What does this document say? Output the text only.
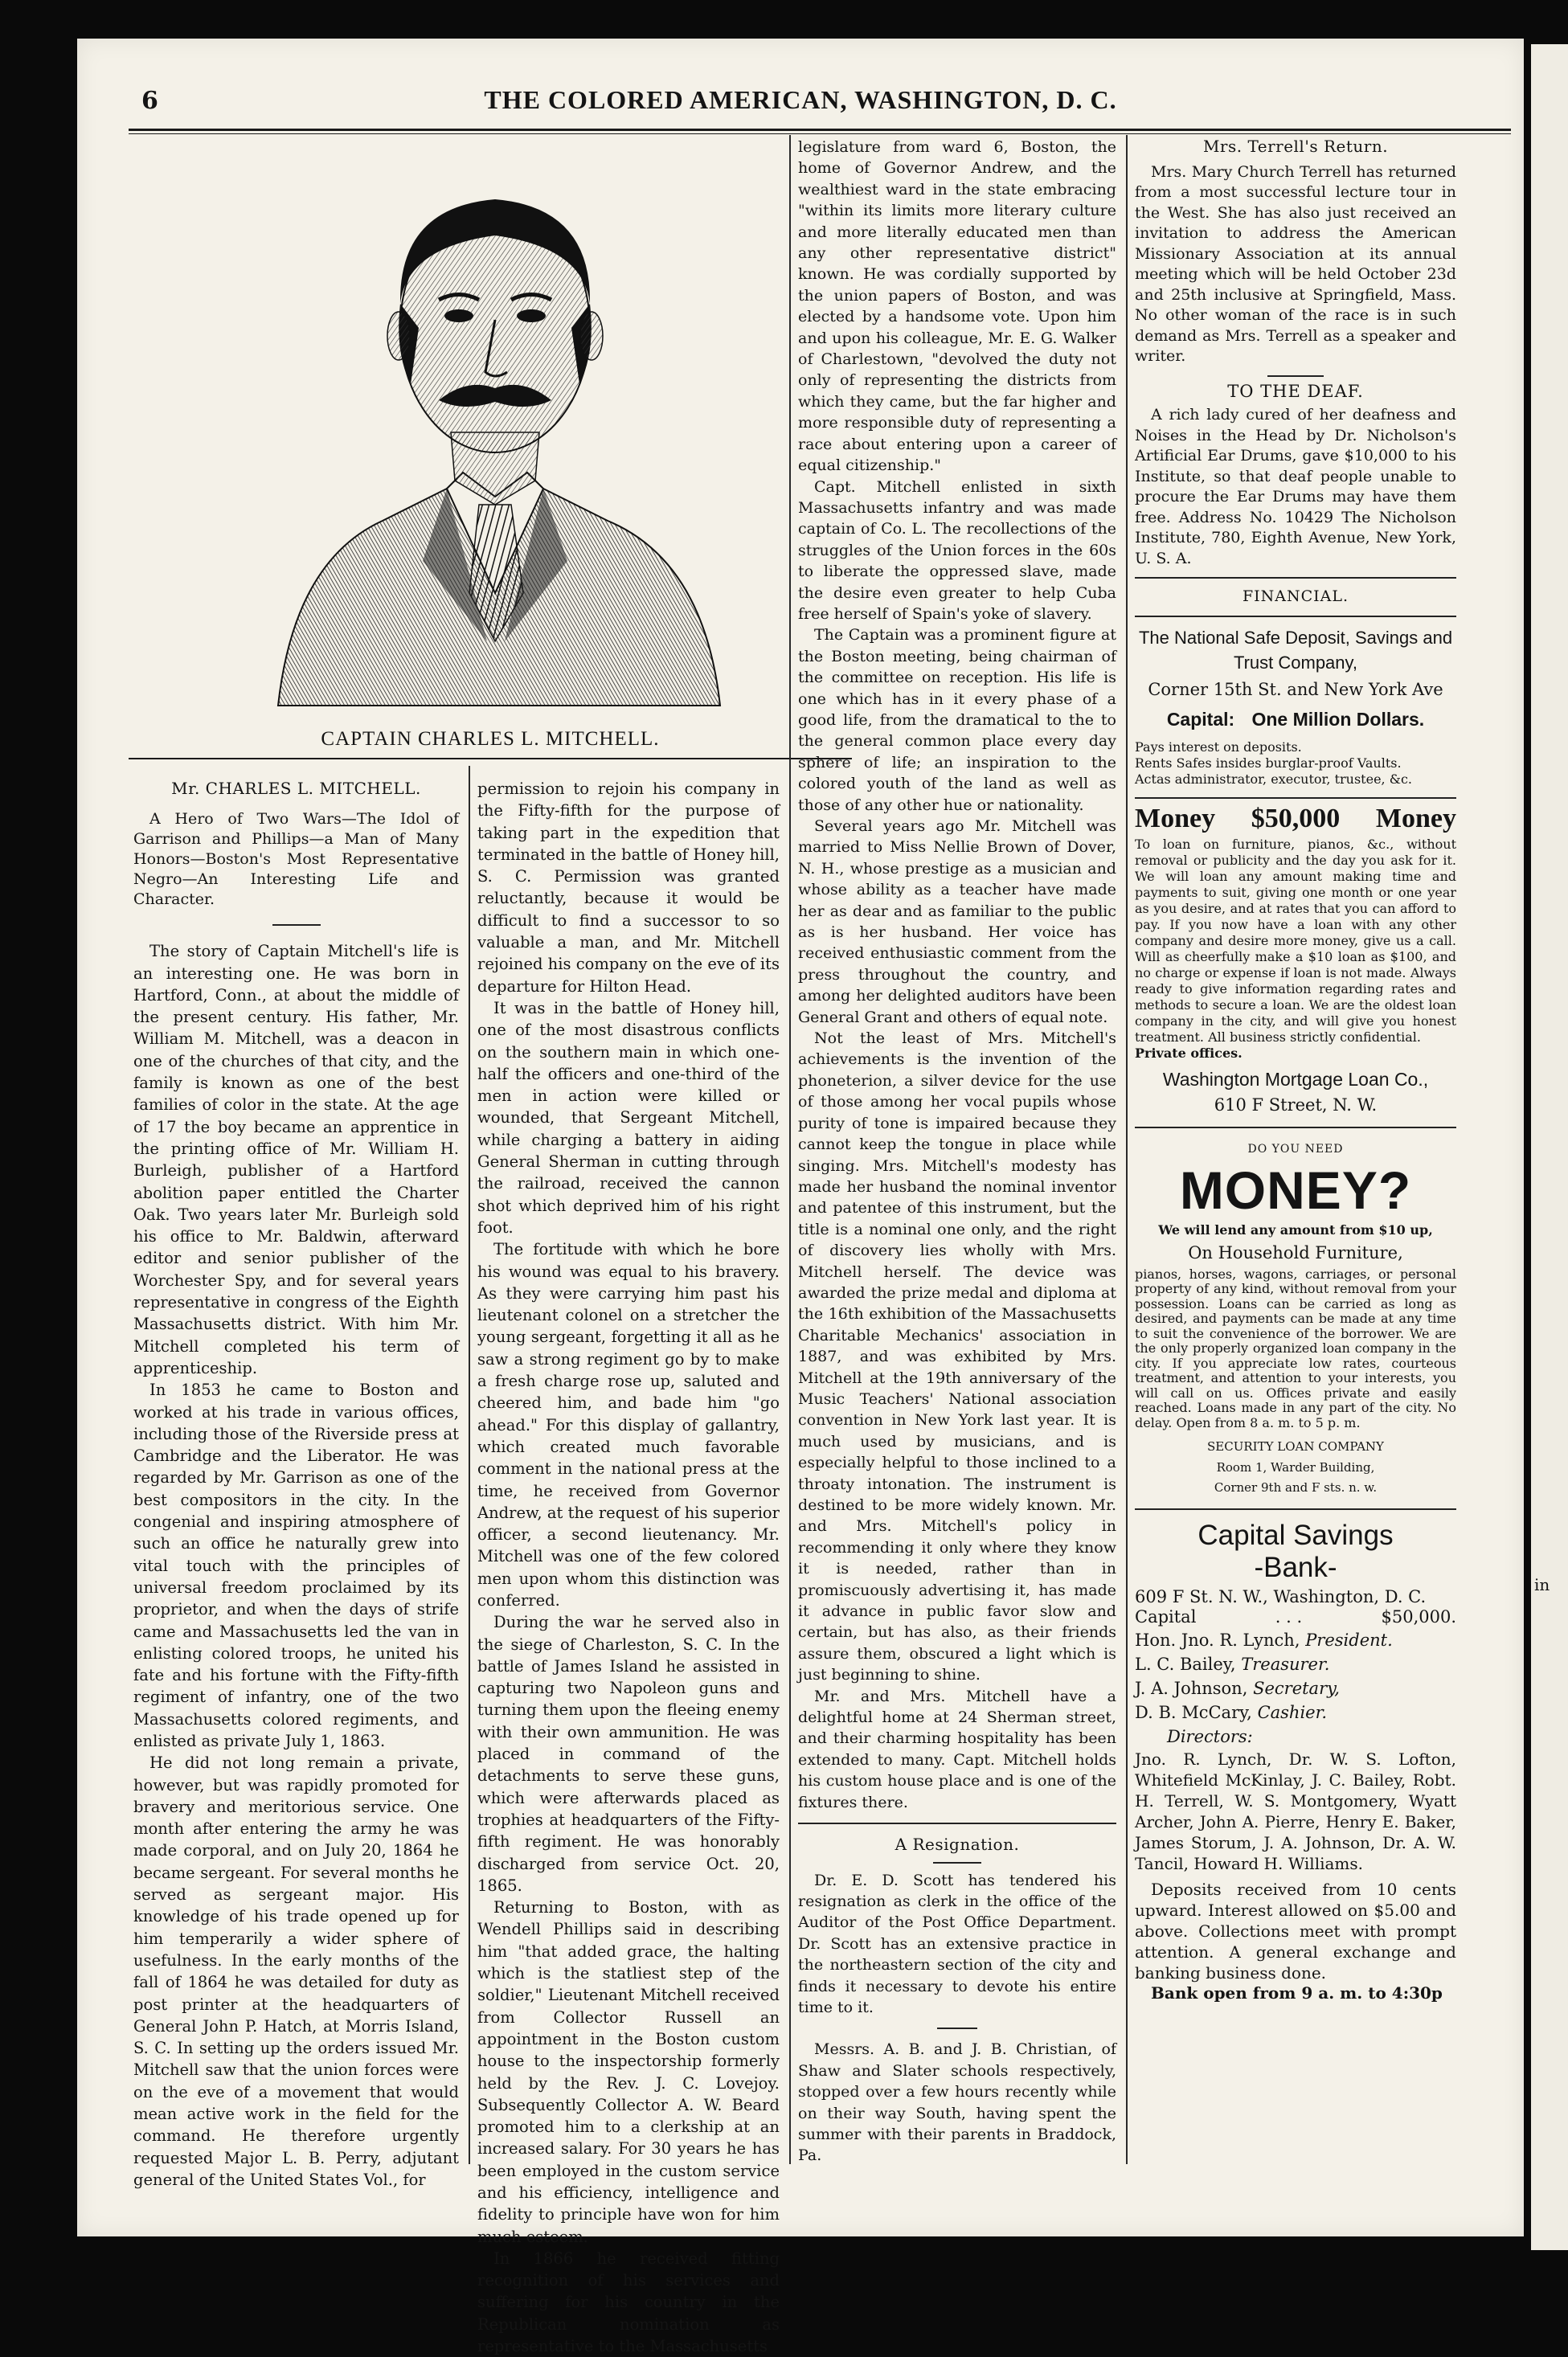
in
6	THE COLORED AMERICAN, WASHINGTON, D. C.
CAPTAIN CHARLES L. MITCHELL.
Mr. CHARLES L. MITCHELL.

A Hero of Two Wars—The Idol of Garrison and Phillips—a Man of Many Honors—Boston's Most Representative Negro—An Interesting Life and Character.

The story of Captain Mitchell's life is an interesting one. He was born in Hartford, Conn., at about the middle of the present century. His father, Mr. William M. Mitchell, was a deacon in one of the churches of that city, and the family is known as one of the best families of color in the state. At the age of 17 the boy became an apprentice in the printing office of Mr. William H. Burleigh, publisher of a Hartford abolition paper entitled the Charter Oak. Two years later Mr. Burleigh sold his office to Mr. Baldwin, afterward editor and senior publisher of the Worchester Spy, and for several years representative in congress of the Eighth Massachusetts district. With him Mr. Mitchell completed his term of apprenticeship.

In 1853 he came to Boston and worked at his trade in various offices, including those of the Riverside press at Cambridge and the Liberator. He was regarded by Mr. Garrison as one of the best compositors in the city. In the congenial and inspiring atmosphere of such an office he naturally grew into vital touch with the principles of universal freedom proclaimed by its proprietor, and when the days of strife came and Massachusetts led the van in enlisting colored troops, he united his fate and his fortune with the Fifty-fifth regiment of infantry, one of the two Massachusetts colored regiments, and enlisted as private July 1, 1863.

He did not long remain a private, however, but was rapidly promoted for bravery and meritorious service. One month after entering the army he was made corporal, and on July 20, 1864 he became sergeant. For several months he served as sergeant major. His knowledge of his trade opened up for him temperarily a wider sphere of usefulness. In the early months of the fall of 1864 he was detailed for duty as post printer at the headquarters of General John P. Hatch, at Morris Island, S. C. In setting up the orders issued Mr. Mitchell saw that the union forces were on the eve of a movement that would mean active work in the field for the command. He therefore urgently requested Major L. B. Perry, adjutant general of the United States Vol., for

permission to rejoin his company in the Fifty-fifth for the purpose of taking part in the expedition that terminated in the battle of Honey hill, S. C. Permission was granted reluctantly, because it would be difficult to find a successor to so valuable a man, and Mr. Mitchell rejoined his company on the eve of its departure for Hilton Head.

It was in the battle of Honey hill, one of the most disastrous conflicts on the southern main in which one-half the officers and one-third of the men in action were killed or wounded, that Sergeant Mitchell, while charging a battery in aiding General Sherman in cutting through the railroad, received the cannon shot which deprived him of his right foot.

The fortitude with which he bore his wound was equal to his bravery. As they were carrying him past his lieutenant colonel on a stretcher the young sergeant, forgetting it all as he saw a strong regiment go by to make a fresh charge rose up, saluted and cheered him, and bade him "go ahead." For this display of gallantry, which created much favorable comment in the national press at the time, he received from Governor Andrew, at the request of his superior officer, a second lieutenancy. Mr. Mitchell was one of the few colored men upon whom this distinction was conferred.

During the war he served also in the siege of Charleston, S. C. In the battle of James Island he assisted in capturing two Napoleon guns and turning them upon the fleeing enemy with their own ammunition. He was placed in command of the detachments to serve these guns, which were afterwards placed as trophies at headquarters of the Fifty-fifth regiment. He was honorably discharged from service Oct. 20, 1865.

Returning to Boston, with as Wendell Phillips said in describing him "that added grace, the halting which is the statliest step of the soldier," Lieutenant Mitchell received from Collector Russell an appointment in the Boston custom house to the inspectorship formerly held by the Rev. J. C. Lovejoy. Subsequently Collector A. W. Beard promoted him to a clerkship at an increased salary. For 30 years he has been employed in the custom service and his efficiency, intelligence and fidelity to principle have won for him much esteem.

In 1866 he received fitting recognition of his services and suffering for his country in the Republican nomination as representative to the Massachusetts

legislature from ward 6, Boston, the home of Governor Andrew, and the wealthiest ward in the state embracing "within its limits more literary culture and more literally educated men than any other representative district" known. He was cordially supported by the union papers of Boston, and was elected by a handsome vote. Upon him and upon his colleague, Mr. E. G. Walker of Charlestown, "devolved the duty not only of representing the districts from which they came, but the far higher and more responsible duty of representing a race about entering upon a career of equal citizenship."

Capt. Mitchell enlisted in sixth Massachusetts infantry and was made captain of Co. L. The recollections of the struggles of the Union forces in the 60s to liberate the oppressed slave, made the desire even greater to help Cuba free herself of Spain's yoke of slavery.

The Captain was a prominent figure at the Boston meeting, being chairman of the committee on reception. His life is one which has in it every phase of a good life, from the dramatical to the to the general common place every day sphere of life; an inspiration to the colored youth of the land as well as those of any other hue or nationality.

Several years ago Mr. Mitchell was married to Miss Nellie Brown of Dover, N. H., whose prestige as a musician and whose ability as a teacher have made her as dear and as familiar to the public as is her husband. Her voice has received enthusiastic comment from the press throughout the country, and among her delighted auditors have been General Grant and others of equal note.

Not the least of Mrs. Mitchell's achievements is the invention of the phoneterion, a silver device for the use of those among her vocal pupils whose purity of tone is impaired because they cannot keep the tongue in place while singing. Mrs. Mitchell's modesty has made her husband the nominal inventor and patentee of this instrument, but the title is a nominal one only, and the right of discovery lies wholly with Mrs. Mitchell herself. The device was awarded the prize medal and diploma at the 16th exhibition of the Massachusetts Charitable Mechanics' association in 1887, and was exhibited by Mrs. Mitchell at the 19th anniversary of the Music Teachers' National association convention in New York last year. It is much used by musicians, and is especially helpful to those inclined to a throaty intonation. The instrument is destined to be more widely known. Mr. and Mrs. Mitchell's policy in recommending it only where they know it is needed, rather than in promiscuously advertising it, has made it advance in public favor slow and certain, but has also, as their friends assure them, obscured a light which is just beginning to shine.

Mr. and Mrs. Mitchell have a delightful home at 24 Sherman street, and their charming hospitality has been extended to many. Capt. Mitchell holds his custom house place and is one of the fixtures there.

A Resignation.

Dr. E. D. Scott has tendered his resignation as clerk in the office of the Auditor of the Post Office Department. Dr. Scott has an extensive practice in the northeastern section of the city and finds it necessary to devote his entire time to it.

Messrs. A. B. and J. B. Christian, of Shaw and Slater schools respectively, stopped over a few hours recently while on their way South, having spent the summer with their parents in Braddock, Pa.

Mrs. Terrell's Return.

Mrs. Mary Church Terrell has returned from a most successful lecture tour in the West. She has also just received an invitation to address the American Missionary Association at its annual meeting which will be held October 23d and 25th inclusive at Springfield, Mass. No other woman of the race is in such demand as Mrs. Terrell as a speaker and writer.

TO THE DEAF.

A rich lady cured of her deafness and Noises in the Head by Dr. Nicholson's Artificial Ear Drums, gave $10,000 to his Institute, so that deaf people unable to procure the Ear Drums may have them free. Address No. 10429 The Nicholson Institute, 780, Eighth Avenue, New York, U. S. A.

FINANCIAL.
The National Safe Deposit, Savings and Trust Company,
Corner 15th St. and New York Ave
Capital: One Million Dollars.
Pays interest on deposits.
Rents Safes insides burglar-proof Vaults.
Actas administrator, executor, trustee, &c.
Money $50,000 Money
To loan on furniture, pianos, &c., without removal or publicity and the day you ask for it. We will loan any amount making time and payments to suit, giving one month or one year as you desire, and at rates that you can afford to pay. If you now have a loan with any other company and desire more money, give us a call. Will as cheerfully make a $10 loan as $100, and no charge or expense if loan is not made. Always ready to give information regarding rates and methods to secure a loan. We are the oldest loan company in the city, and will give you honest treatment. All business strictly confidential.
Private offices.
Washington Mortgage Loan Co.,
610 F Street, N. W.
DO YOU NEED
MONEY?
We will lend any amount from $10 up,
On Household Furniture,
pianos, horses, wagons, carriages, or personal property of any kind, without removal from your possession. Loans can be carried as long as desired, and payments can be made at any time to suit the convenience of the borrower. We are the only properly organized loan company in the city. If you appreciate low rates, courteous treatment, and attention to your interests, you will call on us. Offices private and easily reached. Loans made in any part of the city. No delay. Open from 8 a. m. to 5 p. m.
SECURITY LOAN COMPANY
Room 1, Warder Building,
Corner 9th and F sts. n. w.
Capital Savings
-Bank-
609 F St. N. W., Washington, D. C.
Capital	. . .	$50,000.
Hon. Jno. R. Lynch, President.
L. C. Bailey, Treasurer.
J. A. Johnson, Secretary,
D. B. McCary, Cashier.
Directors:
Jno. R. Lynch, Dr. W. S. Lofton, Whitefield McKinlay, J. C. Bailey, Robt. H. Terrell, W. S. Montgomery, Wyatt Archer, John A. Pierre, Henry E. Baker, James Storum, J. A. Johnson, Dr. A. W. Tancil, Howard H. Williams.

Deposits received from 10 cents upward. Interest allowed on $5.00 and above. Collections meet with prompt attention. A general exchange and banking business done.

Bank open from 9 a. m. to 4:30p
